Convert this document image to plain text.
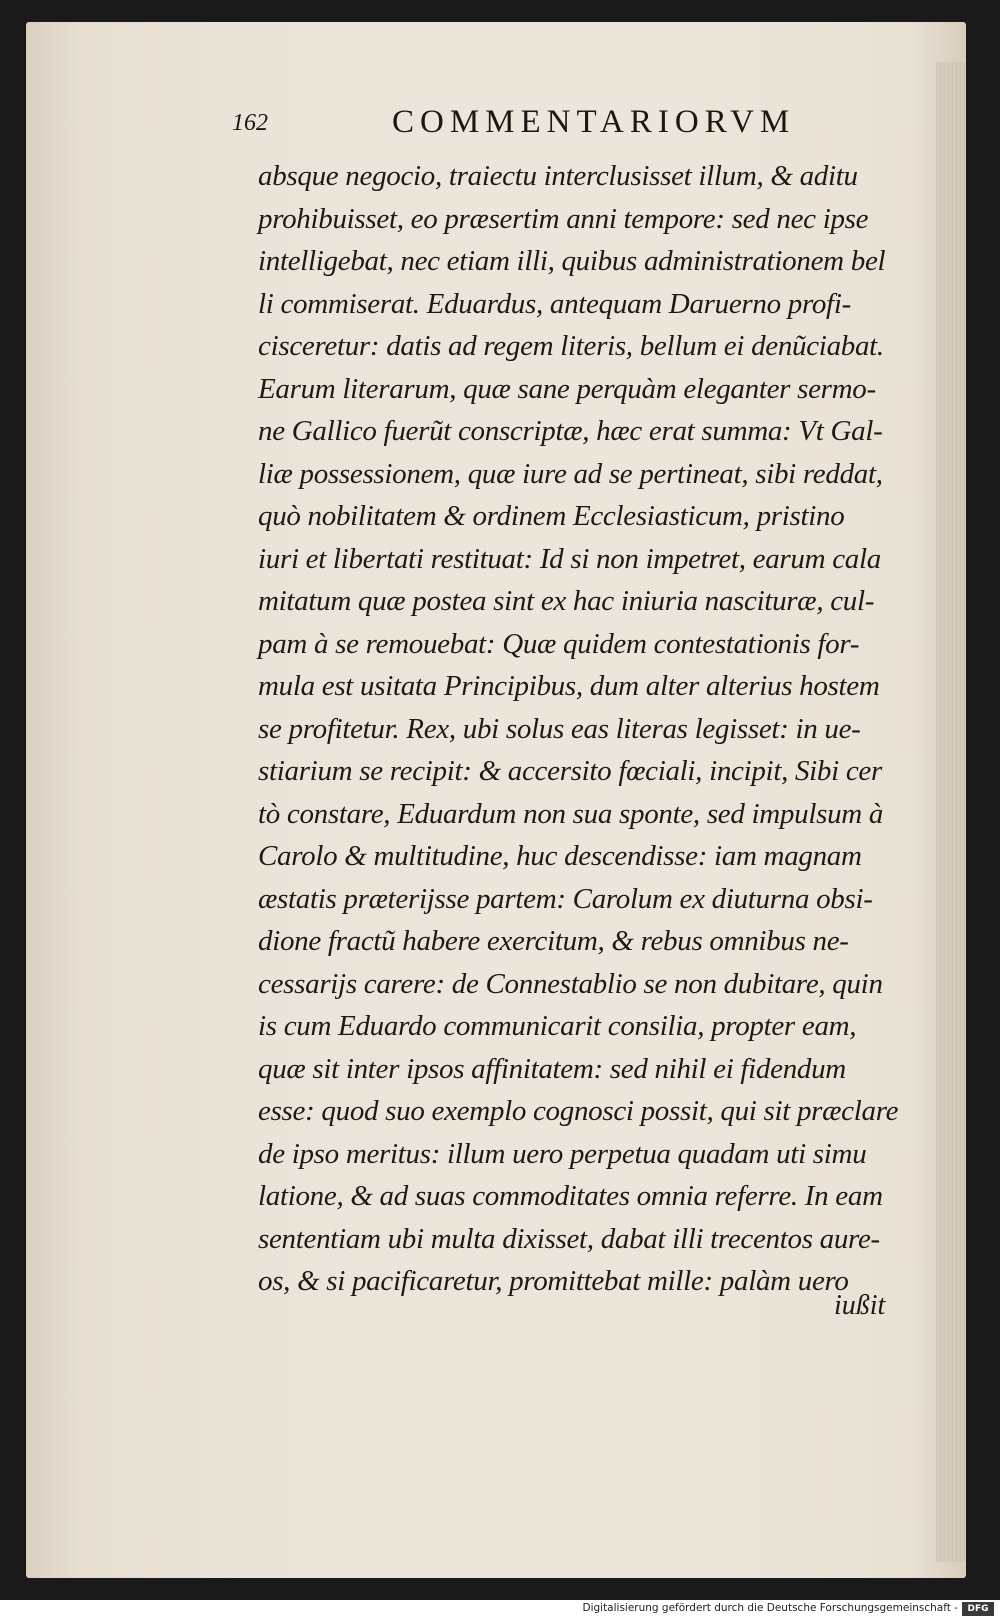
162	COMMENTARIORVM
absque negocio, traiectu interclusisset illum, & aditu
prohibuisset, eo præsertim anni tempore: sed nec ipse
intelligebat, nec etiam illi, quibus administrationem bel
li commiserat. Eduardus, antequam Daruerno profi-
cisceretur: datis ad regem literis, bellum ei denũciabat.
Earum literarum, quæ sane perquàm eleganter sermo-
ne Gallico fuerũt conscriptæ, hæc erat summa: Vt Gal-
liæ possessionem, quæ iure ad se pertineat, sibi reddat,
quò nobilitatem & ordinem Ecclesiasticum, pristino
iuri et libertati restituat: Id si non impetret, earum cala
mitatum quæ postea sint ex hac iniuria nascituræ, cul-
pam à se remouebat: Quæ quidem contestationis for-
mula est usitata Principibus, dum alter alterius hostem
se profitetur. Rex, ubi solus eas literas legisset: in ue-
stiarium se recipit: & accersito fœciali, incipit, Sibi cer
tò constare, Eduardum non sua sponte, sed impulsum à
Carolo & multitudine, huc descendisse: iam magnam
æstatis præterijsse partem: Carolum ex diuturna obsi-
dione fractũ habere exercitum, & rebus omnibus ne-
cessarijs carere: de Connestablio se non dubitare, quin
is cum Eduardo communicarit consilia, propter eam,
quæ sit inter ipsos affinitatem: sed nihil ei fidendum
esse: quod suo exemplo cognosci possit, qui sit præclare
de ipso meritus: illum uero perpetua quadam uti simu
latione, & ad suas commoditates omnia referre. In eam
sententiam ubi multa dixisset, dabat illi trecentos aure-
os, & si pacificaretur, promittebat mille: palàm uero
iußit
Digitalisierung gefördert durch die Deutsche Forschungsgemeinschaft -	DFG
